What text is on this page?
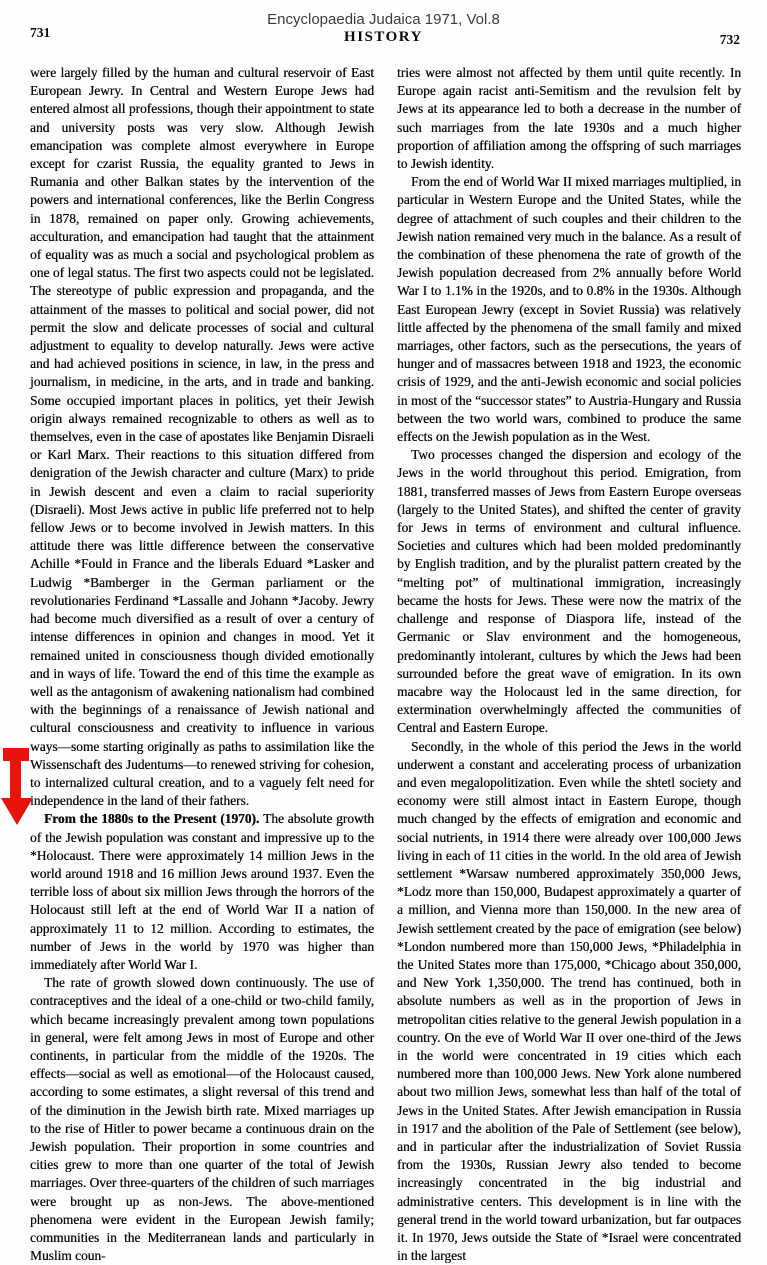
Encyclopaedia Judaica 1971, Vol.8
731	HISTORY	732

were largely filled by the human and cultural reservoir of East European Jewry. In Central and Western Europe Jews had entered almost all professions, though their appointment to state and university posts was very slow. Although Jewish emancipation was complete almost everywhere in Europe except for czarist Russia, the equality granted to Jews in Rumania and other Balkan states by the intervention of the powers and international conferences, like the Berlin Congress in 1878, remained on paper only. Growing achievements, acculturation, and emancipation had taught that the attainment of equality was as much a social and psychological problem as one of legal status. The first two aspects could not be legislated. The stereotype of public expression and propaganda, and the attainment of the masses to political and social power, did not permit the slow and delicate processes of social and cultural adjustment to equality to develop naturally. Jews were active and had achieved positions in science, in law, in the press and journalism, in medicine, in the arts, and in trade and banking. Some occupied important places in politics, yet their Jewish origin always remained recognizable to others as well as to themselves, even in the case of apostates like Benjamin Disraeli or Karl Marx. Their reactions to this situation differed from denigration of the Jewish character and culture (Marx) to pride in Jewish descent and even a claim to racial superiority (Disraeli). Most Jews active in public life preferred not to help fellow Jews or to become involved in Jewish matters. In this attitude there was little difference between the conservative Achille *Fould in France and the liberals Eduard *Lasker and Ludwig *Bamberger in the German parliament or the revolutionaries Ferdinand *Lassalle and Johann *Jacoby. Jewry had become much diversified as a result of over a century of intense differences in opinion and changes in mood. Yet it remained united in consciousness though divided emotionally and in ways of life. Toward the end of this time the example as well as the antagonism of awakening nationalism had combined with the beginnings of a renaissance of Jewish national and cultural consciousness and creativity to influence in various ways—some starting originally as paths to assimilation like the Wissenschaft des Judentums—to renewed striving for cohesion, to internalized cultural creation, and to a vaguely felt need for independence in the land of their fathers.

From the 1880s to the Present (1970). The absolute growth of the Jewish population was constant and impressive up to the *Holocaust. There were approximately 14 million Jews in the world around 1918 and 16 million Jews around 1937. Even the terrible loss of about six million Jews through the horrors of the Holocaust still left at the end of World War II a nation of approximately 11 to 12 million. According to estimates, the number of Jews in the world by 1970 was higher than immediately after World War I.

The rate of growth slowed down continuously. The use of contraceptives and the ideal of a one-child or two-child family, which became increasingly prevalent among town populations in general, were felt among Jews in most of Europe and other continents, in particular from the middle of the 1920s. The effects—social as well as emotional—of the Holocaust caused, according to some estimates, a slight reversal of this trend and of the diminution in the Jewish birth rate. Mixed marriages up to the rise of Hitler to power became a continuous drain on the Jewish population. Their proportion in some countries and cities grew to more than one quarter of the total of Jewish marriages. Over three-quarters of the children of such marriages were brought up as non-Jews. The above-mentioned phenomena were evident in the European Jewish family; communities in the Mediterranean lands and particularly in Muslim coun-

tries were almost not affected by them until quite recently. In Europe again racist anti-Semitism and the revulsion felt by Jews at its appearance led to both a decrease in the number of such marriages from the late 1930s and a much higher proportion of affiliation among the offspring of such marriages to Jewish identity.

From the end of World War II mixed marriages multiplied, in particular in Western Europe and the United States, while the degree of attachment of such couples and their children to the Jewish nation remained very much in the balance. As a result of the combination of these phenomena the rate of growth of the Jewish population decreased from 2% annually before World War I to 1.1% in the 1920s, and to 0.8% in the 1930s. Although East European Jewry (except in Soviet Russia) was relatively little affected by the phenomena of the small family and mixed marriages, other factors, such as the persecutions, the years of hunger and of massacres between 1918 and 1923, the economic crisis of 1929, and the anti-Jewish economic and social policies in most of the “successor states” to Austria-Hungary and Russia between the two world wars, combined to produce the same effects on the Jewish population as in the West.

Two processes changed the dispersion and ecology of the Jews in the world throughout this period. Emigration, from 1881, transferred masses of Jews from Eastern Europe overseas (largely to the United States), and shifted the center of gravity for Jews in terms of environment and cultural influence. Societies and cultures which had been molded predominantly by English tradition, and by the pluralist pattern created by the “melting pot” of multinational immigration, increasingly became the hosts for Jews. These were now the matrix of the challenge and response of Diaspora life, instead of the Germanic or Slav environment and the homogeneous, predominantly intolerant, cultures by which the Jews had been surrounded before the great wave of emigration. In its own macabre way the Holocaust led in the same direction, for extermination overwhelmingly affected the communities of Central and Eastern Europe.

Secondly, in the whole of this period the Jews in the world underwent a constant and accelerating process of urbanization and even megalopolitization. Even while the shtetl society and economy were still almost intact in Eastern Europe, though much changed by the effects of emigration and economic and social nutrients, in 1914 there were already over 100,000 Jews living in each of 11 cities in the world. In the old area of Jewish settlement *Warsaw numbered approximately 350,000 Jews, *Lodz more than 150,000, Budapest approximately a quarter of a million, and Vienna more than 150,000. In the new area of Jewish settlement created by the pace of emigration (see below) *London numbered more than 150,000 Jews, *Philadelphia in the United States more than 175,000, *Chicago about 350,000, and New York 1,350,000. The trend has continued, both in absolute numbers as well as in the proportion of Jews in metropolitan cities relative to the general Jewish population in a country. On the eve of World War II over one-third of the Jews in the world were concentrated in 19 cities which each numbered more than 100,000 Jews. New York alone numbered about two million Jews, somewhat less than half of the total of Jews in the United States. After Jewish emancipation in Russia in 1917 and the abolition of the Pale of Settlement (see below), and in particular after the industrialization of Soviet Russia from the 1930s, Russian Jewry also tended to become increasingly concentrated in the big industrial and administrative centers. This development is in line with the general trend in the world toward urbanization, but far outpaces it. In 1970, Jews outside the State of *Israel were concentrated in the largest
